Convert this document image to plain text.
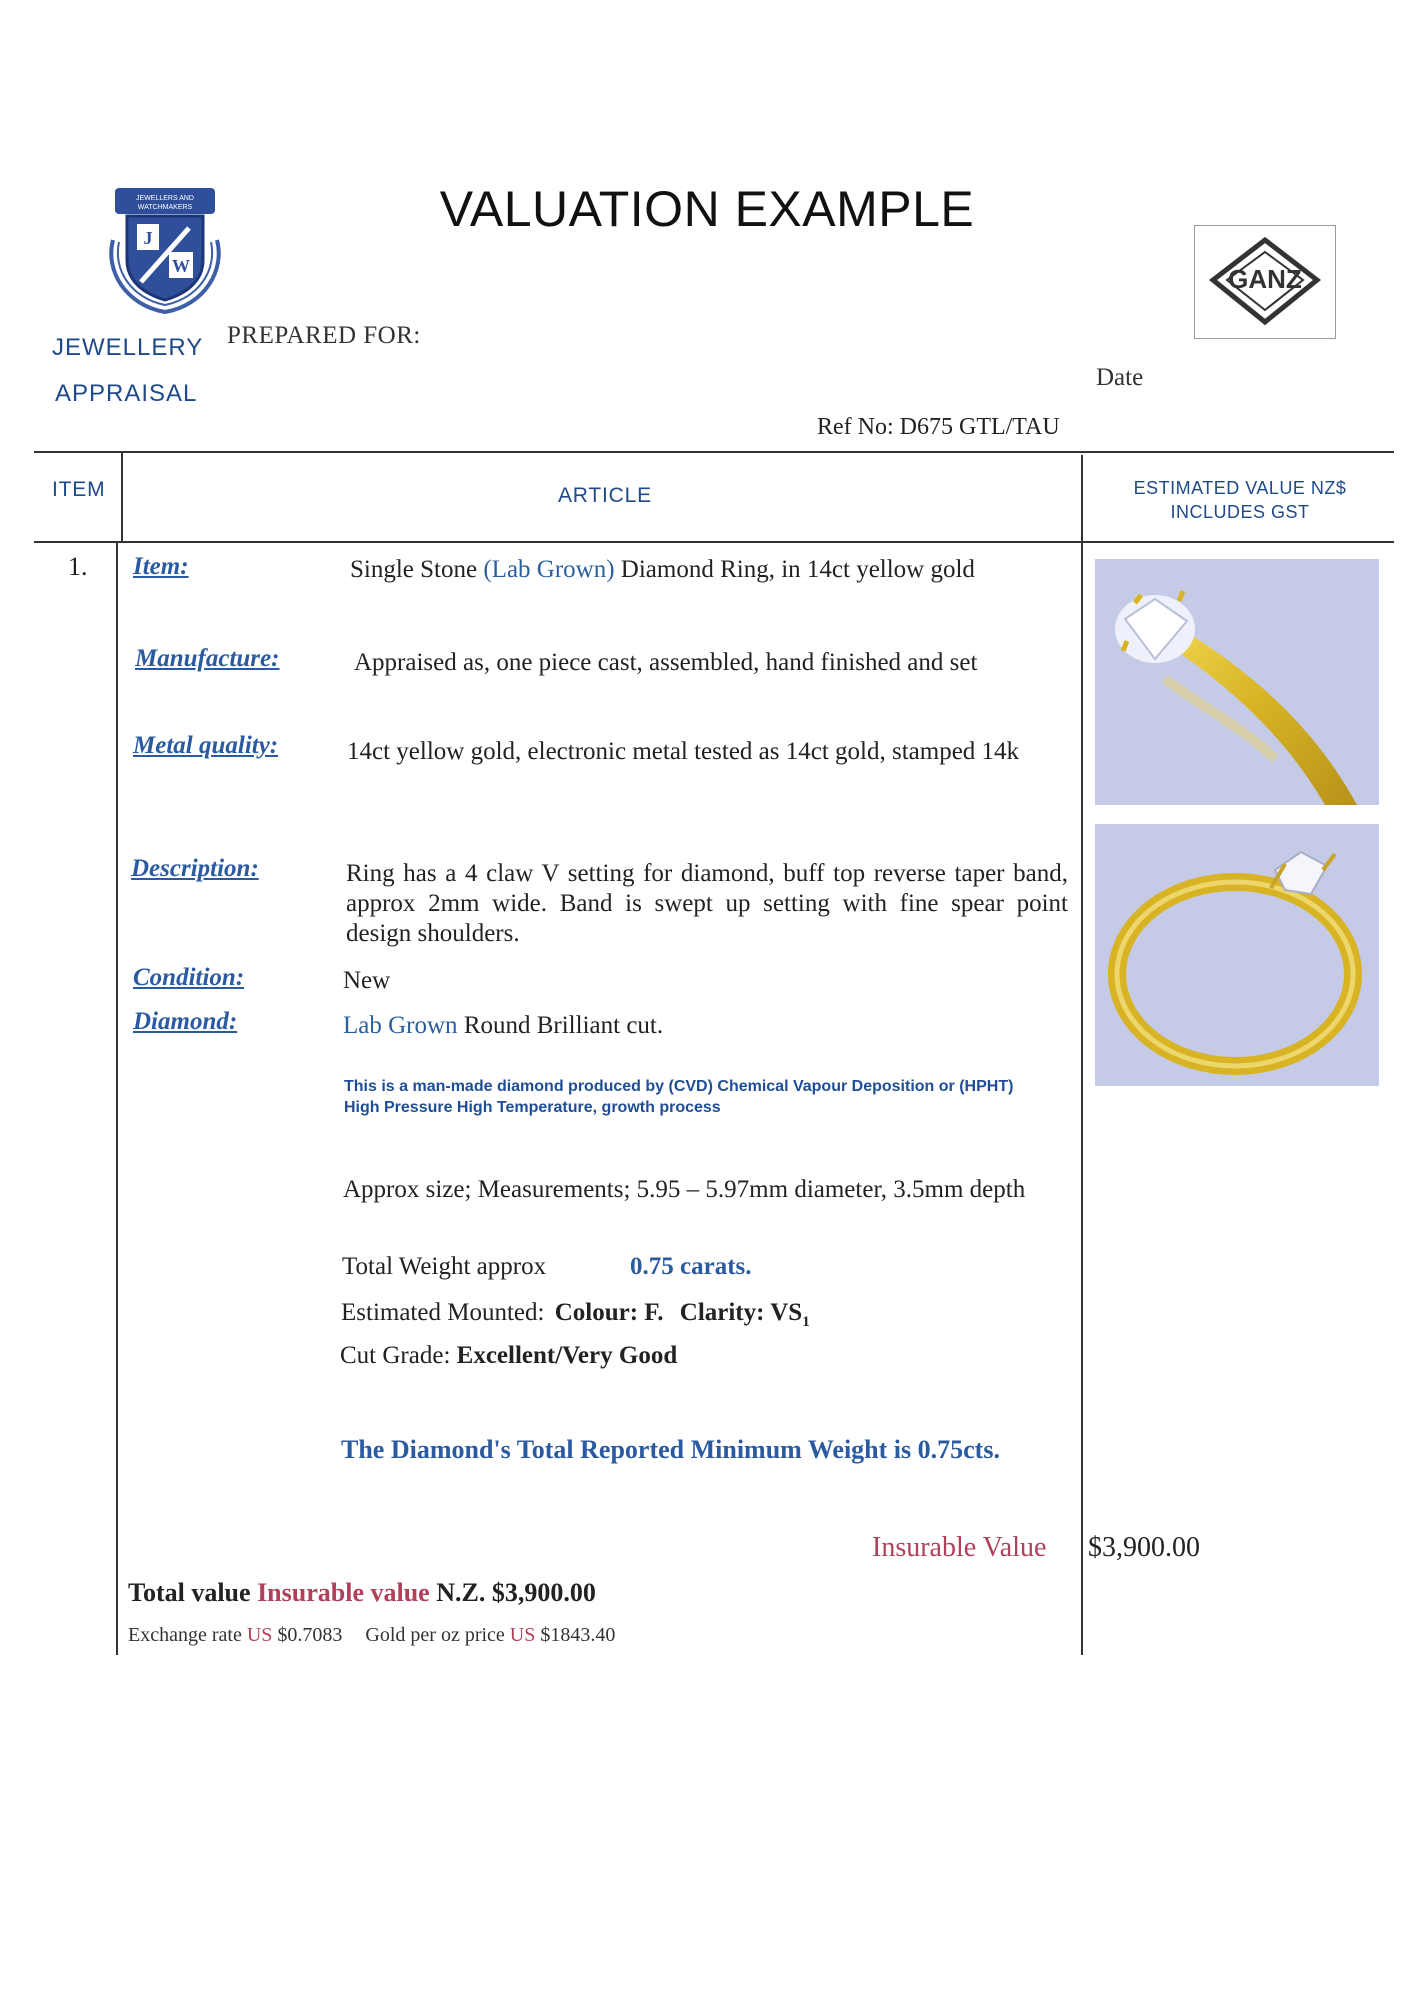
VALUATION EXAMPLE
J
W
JEWELLERS AND
WATCHMAKERS
PREPARED FOR:
JEWELLERY
APPRAISAL
Date
Ref No: D675 GTL/TAU
GANZ
ITEM	ARTICLE	ESTIMATED VALUE NZ$
INCLUDES GST
1. Item:	Single Stone (Lab Grown) Diamond Ring, in 14ct yellow gold
Manufacture:	Appraised as, one piece cast, assembled, hand finished and set
Metal quality:	14ct yellow gold, electronic metal tested as 14ct gold, stamped 14k
Description:	Ring has a 4 claw V setting for diamond, buff top reverse taper band, approx 2mm wide. Band is swept up setting with fine spear point design shoulders.
Condition:	New
Diamond:	Lab Grown Round Brilliant cut.
This is a man-made diamond produced by (CVD) Chemical Vapour Deposition or (HPHT) High Pressure High Temperature, growth process
Approx size; Measurements; 5.95 – 5.97mm diameter, 3.5mm depth
Total Weight approx	0.75 carats.
Estimated Mounted: Colour: F. Clarity: $VS_1$
Cut Grade: Excellent/Very Good
The Diamond's Total Reported Minimum Weight is 0.75cts.
Insurable Value $3,900.00
Total value Insurable value N.Z. $3,900.00
Exchange rate US $0.7083 Gold per oz price US $1843.40
